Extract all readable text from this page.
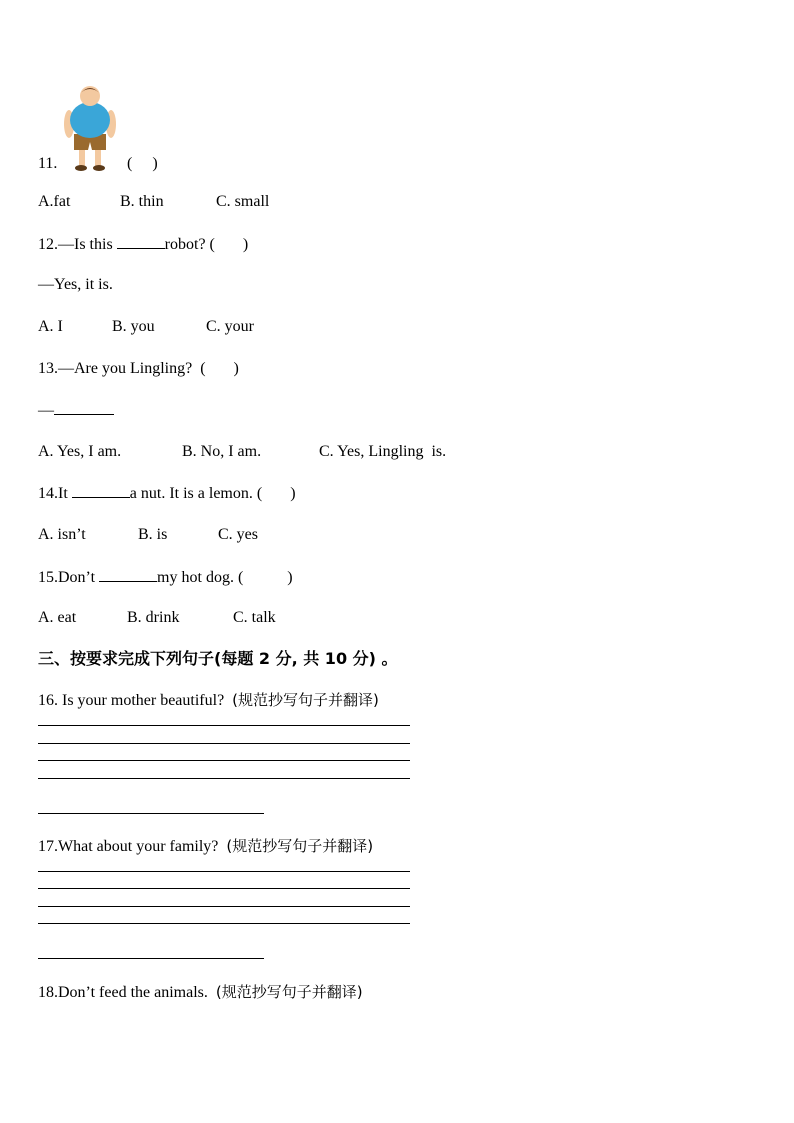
11.	(     )
A.fat	B. thin	C. small
12.—Is this	robot? (       )
—Yes, it is.
A. I	B. you	C. your
13.—Are you Lingling?  (       )
—
A. Yes, I am.	B. No, I am.	C. Yes, Lingling  is.
14.It	a nut. It is a lemon. (       )
A. isn’t	B. is	C. yes
15.Don’t	my hot dog. (           )
A. eat	B. drink	C. talk
三、按要求完成下列句子(每题 2 分, 共 10 分) 。
16. Is your mother beautiful?  (规范抄写句子并翻译)
17.What about your family?  (规范抄写句子并翻译)
18.Don’t feed the animals.  (规范抄写句子并翻译)
